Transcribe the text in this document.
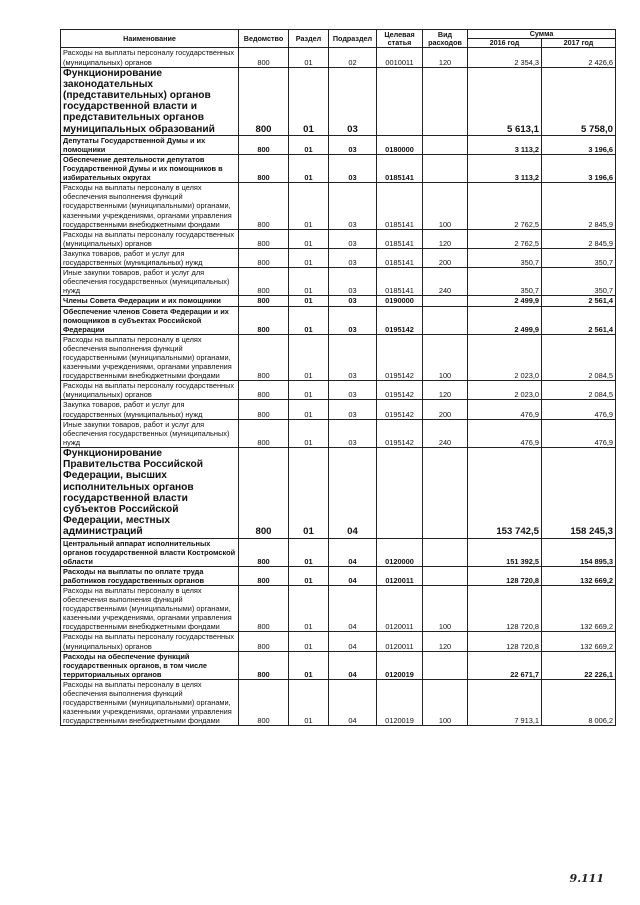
Наименование	Ведомство	Раздел	Подраздел	Целевая статья	Вид расходов	Сумма	
						2016 год	2017 год
Расходы на выплаты персоналу государственных (муниципальных) органов	800	01	02	0010011	120	2 354,3	2 426,6
Функционирование законодательных (представительных) органов государственной власти и представительных органов муниципальных образований	800	01	03			5 613,1	5 758,0
Депутаты Государственной Думы и их помощники	800	01	03	0180000		3 113,2	3 196,6
Обеспечение деятельности депутатов Государственной Думы и их помощников в избирательных округах	800	01	03	0185141		3 113,2	3 196,6
Расходы на выплаты персоналу в целях обеспечения выполнения функций государственными (муниципальными) органами, казенными учреждениями, органами управления государственными внебюджетными фондами	800	01	03	0185141	100	2 762,5	2 845,9
Расходы на выплаты персоналу государственных (муниципальных) органов	800	01	03	0185141	120	2 762,5	2 845,9
Закупка товаров, работ и услуг для государственных (муниципальных) нужд	800	01	03	0185141	200	350,7	350,7
Иные закупки товаров, работ и услуг для обеспечения государственных (муниципальных) нужд	800	01	03	0185141	240	350,7	350,7
Члены Совета Федерации и их помощники	800	01	03	0190000		2 499,9	2 561,4
Обеспечение членов Совета Федерации и их помощников в субъектах Российской Федерации	800	01	03	0195142		2 499,9	2 561,4
Расходы на выплаты персоналу в целях обеспечения выполнения функций государственными (муниципальными) органами, казенными учреждениями, органами управления государственными внебюджетными фондами	800	01	03	0195142	100	2 023,0	2 084,5
Расходы на выплаты персоналу государственных (муниципальных) органов	800	01	03	0195142	120	2 023,0	2 084,5
Закупка товаров, работ и услуг для государственных (муниципальных) нужд	800	01	03	0195142	200	476,9	476,9
Иные закупки товаров, работ и услуг для обеспечения государственных (муниципальных) нужд	800	01	03	0195142	240	476,9	476,9
Функционирование Правительства Российской Федерации, высших исполнительных органов государственной власти субъектов Российской Федерации, местных администраций	800	01	04			153 742,5	158 245,3
Центральный аппарат исполнительных органов государственной власти Костромской области	800	01	04	0120000		151 392,5	154 895,3
Расходы на выплаты по оплате труда работников государственных органов	800	01	04	0120011		128 720,8	132 669,2
Расходы на выплаты персоналу в целях обеспечения выполнения функций государственными (муниципальными) органами, казенными учреждениями, органами управления государственными внебюджетными фондами	800	01	04	0120011	100	128 720,8	132 669,2
Расходы на выплаты персоналу государственных (муниципальных) органов	800	01	04	0120011	120	128 720,8	132 669,2
Расходы на обеспечение функций государственных органов, в том числе территориальных органов	800	01	04	0120019		22 671,7	22 226,1
Расходы на выплаты персоналу в целях обеспечения выполнения функций государственными (муниципальными) органами, казенными учреждениями, органами управления государственными внебюджетными фондами	800	01	04	0120019	100	7 913,1	8 006,2
9.111
